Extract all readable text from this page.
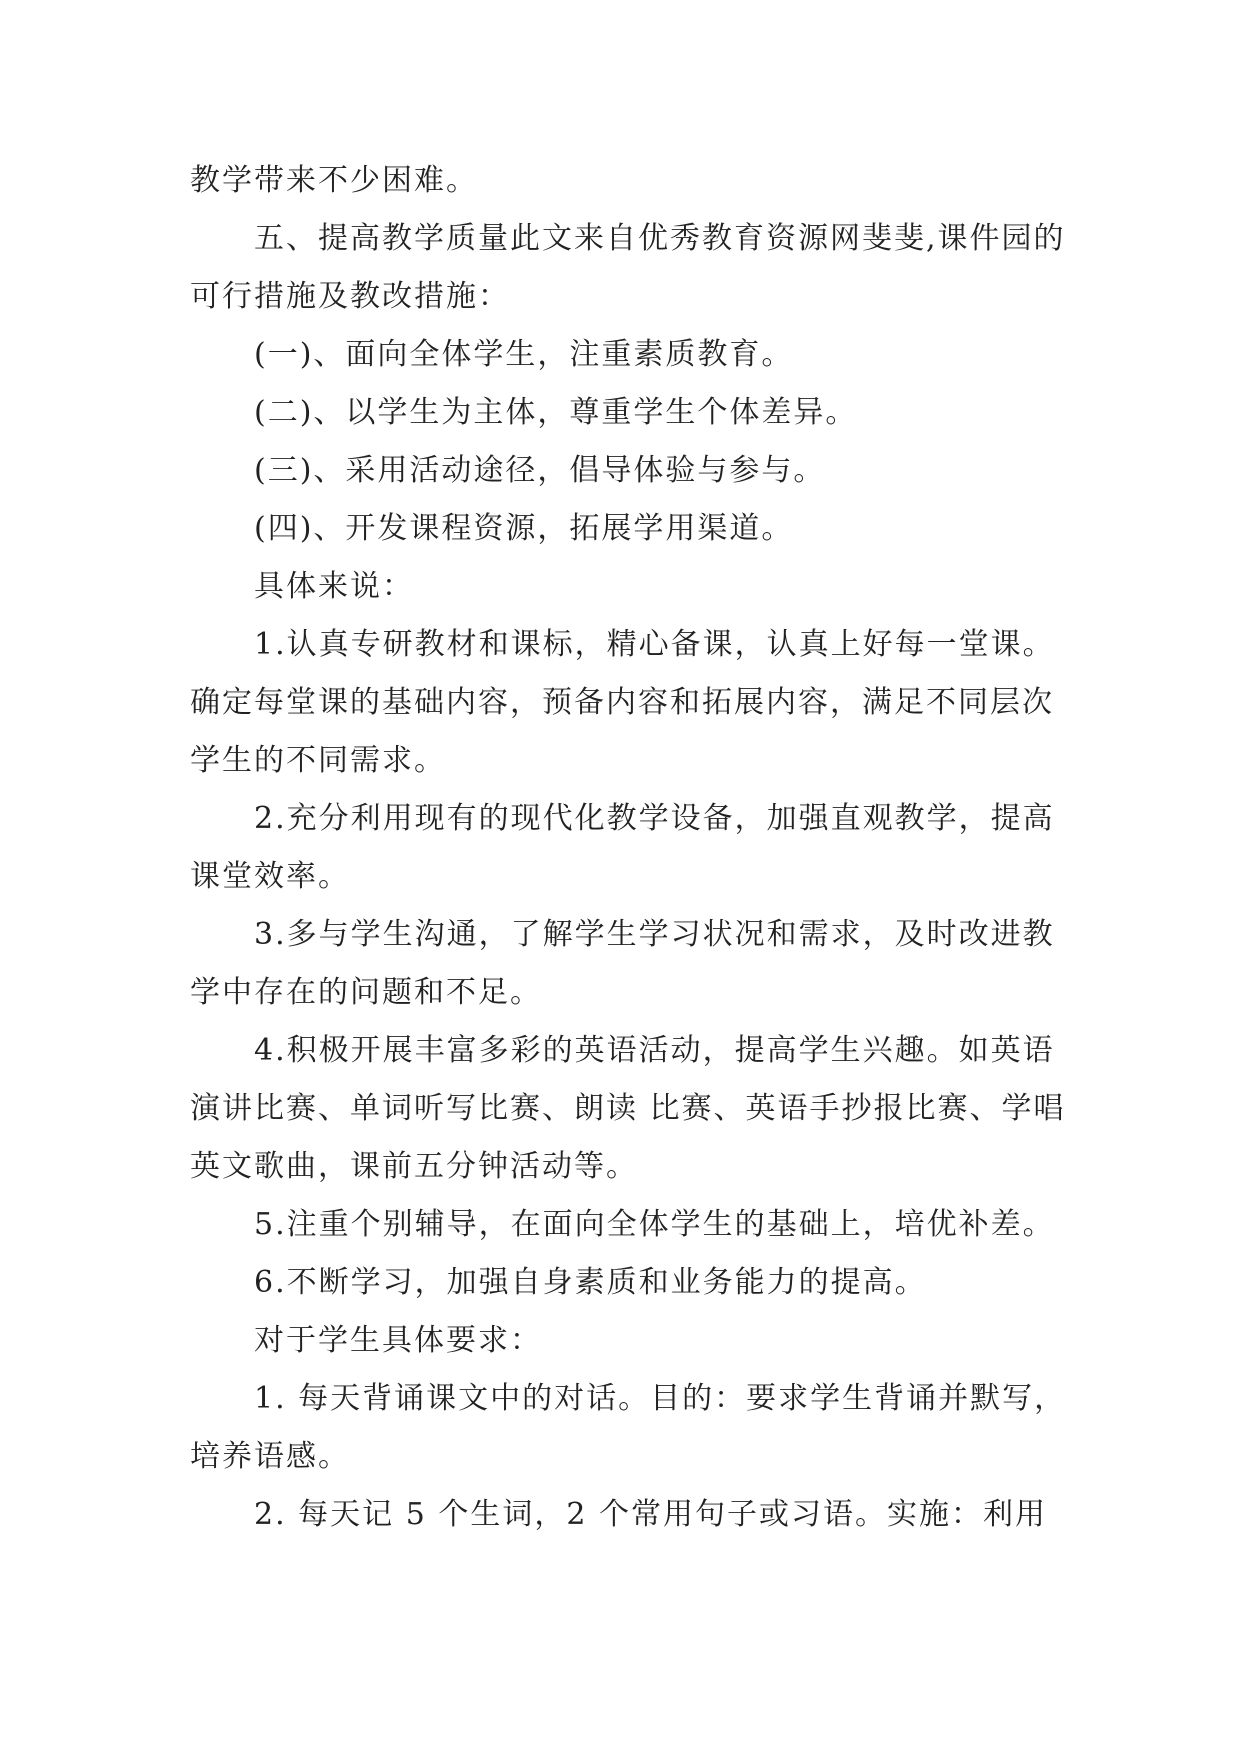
教学带来不少困难。

五、提高教学质量此文来自优秀教育资源网斐斐,课件园的可行措施及教改措施：

(一)、面向全体学生，注重素质教育。

(二)、以学生为主体，尊重学生个体差异。

(三)、采用活动途径，倡导体验与参与。

(四)、开发课程资源，拓展学用渠道。

具体来说：

1.认真专研教材和课标，精心备课，认真上好每一堂课。确定每堂课的基础内容，预备内容和拓展内容，满足不同层次学生的不同需求。

2.充分利用现有的现代化教学设备，加强直观教学，提高课堂效率。

3.多与学生沟通，了解学生学习状况和需求，及时改进教学中存在的问题和不足。

4.积极开展丰富多彩的英语活动，提高学生兴趣。如英语演讲比赛、单词听写比赛、朗读 比赛、英语手抄报比赛、学唱英文歌曲，课前五分钟活动等。

5.注重个别辅导，在面向全体学生的基础上，培优补差。

6.不断学习，加强自身素质和业务能力的提高。

对于学生具体要求：

1. 每天背诵课文中的对话。目的：要求学生背诵并默写，培养语感。

2. 每天记 5 个生词，2 个常用句子或习语。实施：利用
